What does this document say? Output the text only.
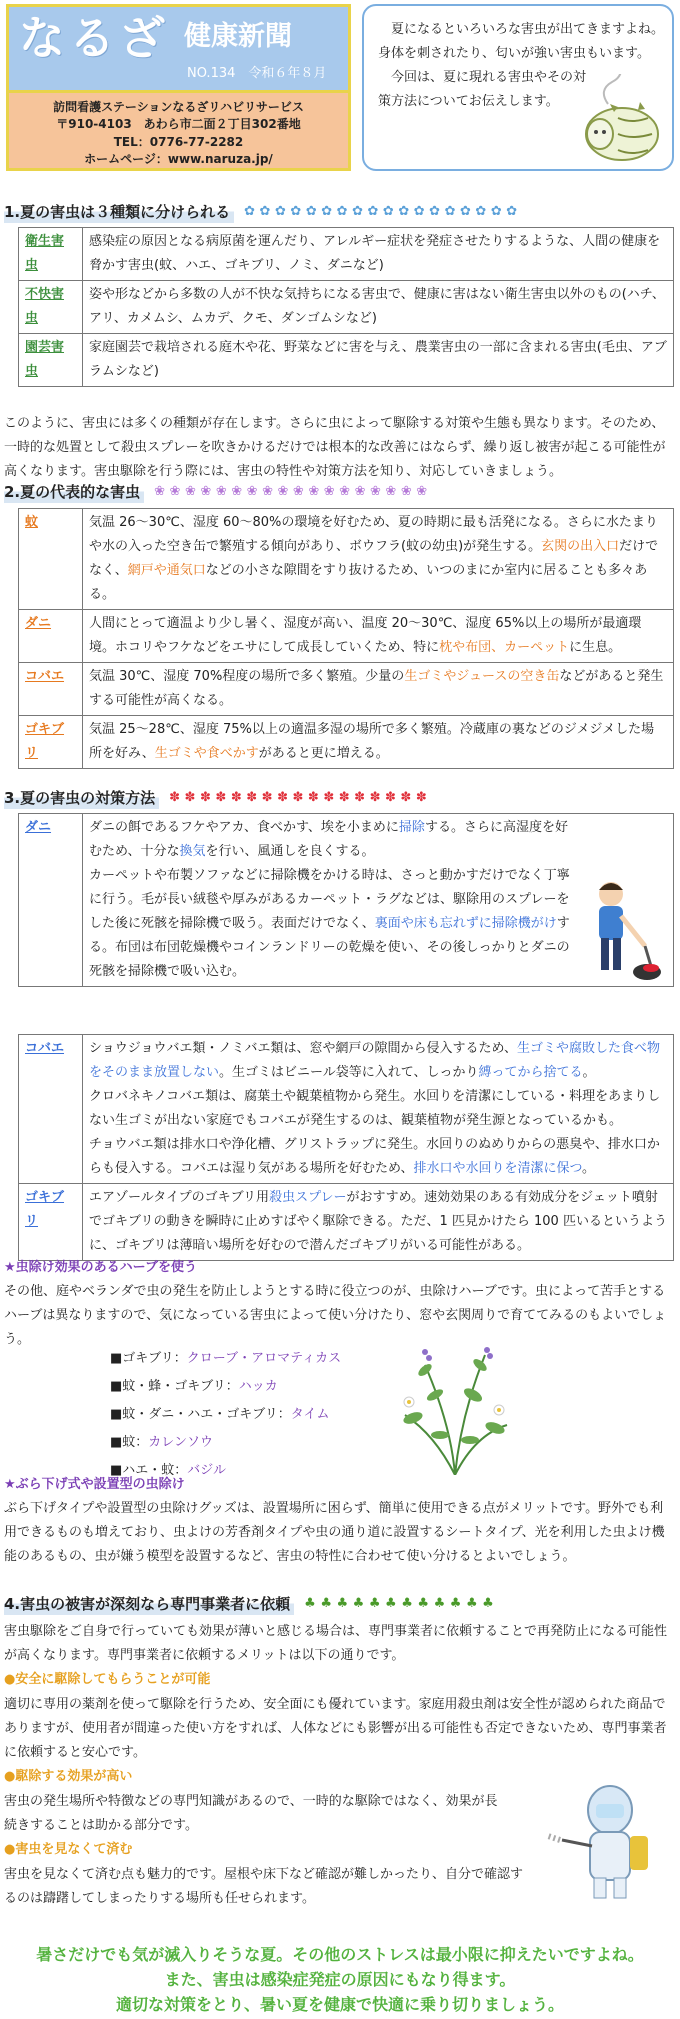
なるざ 健康新聞
NO.134　令和６年８月
訪問看護ステーションなるざリハビリサービス
〒910-4103　あわら市二面２丁目302番地
TEL：0776-77-2282
ホームページ：www.naruza.jp/

夏になるといろいろな害虫が出てきますよね。身体を刺されたり、匂いが強い害虫もいます。

今回は、夏に現れる害虫やその対策方法についてお伝えします。

1.夏の害虫は３種類に分けられる	✿ ✿ ✿ ✿ ✿ ✿ ✿ ✿ ✿ ✿ ✿ ✿ ✿ ✿ ✿ ✿ ✿ ✿
衛生害虫	感染症の原因となる病原菌を運んだり、アレルギー症状を発症させたりするような、人間の健康を脅かす害虫(蚊、ハエ、ゴキブリ、ノミ、ダニなど)
不快害虫	姿や形などから多数の人が不快な気持ちになる害虫で、健康に害はない衛生害虫以外のもの(ハチ、アリ、カメムシ、ムカデ、クモ、ダンゴムシなど)
園芸害虫	家庭園芸で栽培される庭木や花、野菜などに害を与え、農業害虫の一部に含まれる害虫(毛虫、アブラムシなど)

このように、害虫には多くの種類が存在します。さらに虫によって駆除する対策や生態も異なります。そのため、一時的な処置として殺虫スプレーを吹きかけるだけでは根本的な改善にはならず、繰り返し被害が起こる可能性が高くなります。害虫駆除を行う際には、害虫の特性や対策方法を知り、対応していきましょう。

2.夏の代表的な害虫	❀ ❀ ❀ ❀ ❀ ❀ ❀ ❀ ❀ ❀ ❀ ❀ ❀ ❀ ❀ ❀ ❀ ❀
蚊	気温 26～30℃、湿度 60～80%の環境を好むため、夏の時期に最も活発になる。さらに水たまりや水の入った空き缶で繁殖する傾向があり、ボウフラ(蚊の幼虫)が発生する。玄関の出入口だけでなく、網戸や通気口などの小さな隙間をすり抜けるため、いつのまにか室内に居ることも多々ある。
ダニ	人間にとって適温より少し暑く、湿度が高い、温度 20～30℃、湿度 65%以上の場所が最適環境。ホコリやフケなどをエサにして成長していくため、特に枕や布団、カーペットに生息。
コバエ	気温 30℃、湿度 70%程度の場所で多く繁殖。少量の生ゴミやジュースの空き缶などがあると発生する可能性が高くなる。
ゴキブリ	気温 25～28℃、湿度 75%以上の適温多湿の場所で多く繁殖。冷蔵庫の裏などのジメジメした場所を好み、生ゴミや食べかすがあると更に増える。
3.夏の害虫の対策方法	✽ ✽ ✽ ✽ ✽ ✽ ✽ ✽ ✽ ✽ ✽ ✽ ✽ ✽ ✽ ✽ ✽
ダニ	ダニの餌であるフケやアカ、食べかす、埃を小まめに掃除する。さらに高湿度を好むため、十分な換気を行い、風通しを良くする。
カーペットや布製ソファなどに掃除機をかける時は、さっと動かすだけでなく丁寧に行う。毛が長い絨毯や厚みがあるカーペット・ラグなどは、駆除用のスプレーをした後に死骸を掃除機で吸う。表面だけでなく、裏面や床も忘れずに掃除機がけする。布団は布団乾燥機やコインランドリーの乾燥を使い、その後しっかりとダニの死骸を掃除機で吸い込む。
コバエ	ショウジョウバエ類・ノミバエ類は、窓や網戸の隙間から侵入するため、生ゴミや腐敗した食べ物をそのまま放置しない。生ゴミはビニール袋等に入れて、しっかり縛ってから捨てる。
クロバネキノコバエ類は、腐葉土や観葉植物から発生。水回りを清潔にしている・料理をあまりしない生ゴミが出ない家庭でもコバエが発生するのは、観葉植物が発生源となっているかも。
チョウバエ類は排水口や浄化槽、グリストラップに発生。水回りのぬめりからの悪臭や、排水口からも侵入する。コバエは湿り気がある場所を好むため、排水口や水回りを清潔に保つ。

ゴキブリ	エアゾールタイプのゴキブリ用殺虫スプレーがおすすめ。速効効果のある有効成分をジェット噴射でゴキブリの動きを瞬時に止めすばやく駆除できる。ただ、1 匹見かけたら 100 匹いるというように、ゴキブリは薄暗い場所を好むので潜んだゴキブリがいる可能性がある。
★虫除け効果のあるハーブを使う

その他、庭やベランダで虫の発生を防止しようとする時に役立つのが、虫除けハーブです。虫によって苦手とするハーブは異なりますので、気になっている害虫によって使い分けたり、窓や玄関周りで育ててみるのもよいでしょう。

■ゴキブリ：クローブ・アロマティカス
■蚊・蜂・ゴキブリ：ハッカ
■蚊・ダニ・ハエ・ゴキブリ：タイム
■蚊：カレンソウ
■ハエ・蚊：バジル
★ぶら下げ式や設置型の虫除け

ぶら下げタイプや設置型の虫除けグッズは、設置場所に困らず、簡単に使用できる点がメリットです。野外でも利用できるものも増えており、虫よけの芳香剤タイプや虫の通り道に設置するシートタイプ、光を利用した虫よけ機能のあるもの、虫が嫌う模型を設置するなど、害虫の特性に合わせて使い分けるとよいでしょう。

4.害虫の被害が深刻なら専門事業者に依頼	♣ ♣ ♣ ♣ ♣ ♣ ♣ ♣ ♣ ♣ ♣ ♣

害虫駆除をご自身で行っていても効果が薄いと感じる場合は、専門事業者に依頼することで再発防止になる可能性が高くなります。専門事業者に依頼するメリットは以下の通りです。

●安全に駆除してもらうことが可能

適切に専用の薬剤を使って駆除を行うため、安全面にも優れています。家庭用殺虫剤は安全性が認められた商品でありますが、使用者が間違った使い方をすれば、人体などにも影響が出る可能性も否定できないため、専門事業者に依頼すると安心です。

●駆除する効果が高い

害虫の発生場所や特徴などの専門知識があるので、一時的な駆除ではなく、効果が長続きすることは助かる部分です。

●害虫を見なくて済む

害虫を見なくて済む点も魅力的です。屋根や床下など確認が難しかったり、自分で確認するのは躊躇してしまったりする場所も任せられます。

暑さだけでも気が滅入りそうな夏。その他のストレスは最小限に抑えたいですよね。
また、害虫は感染症発症の原因にもなり得ます。
適切な対策をとり、暑い夏を健康で快適に乗り切りましょう。
